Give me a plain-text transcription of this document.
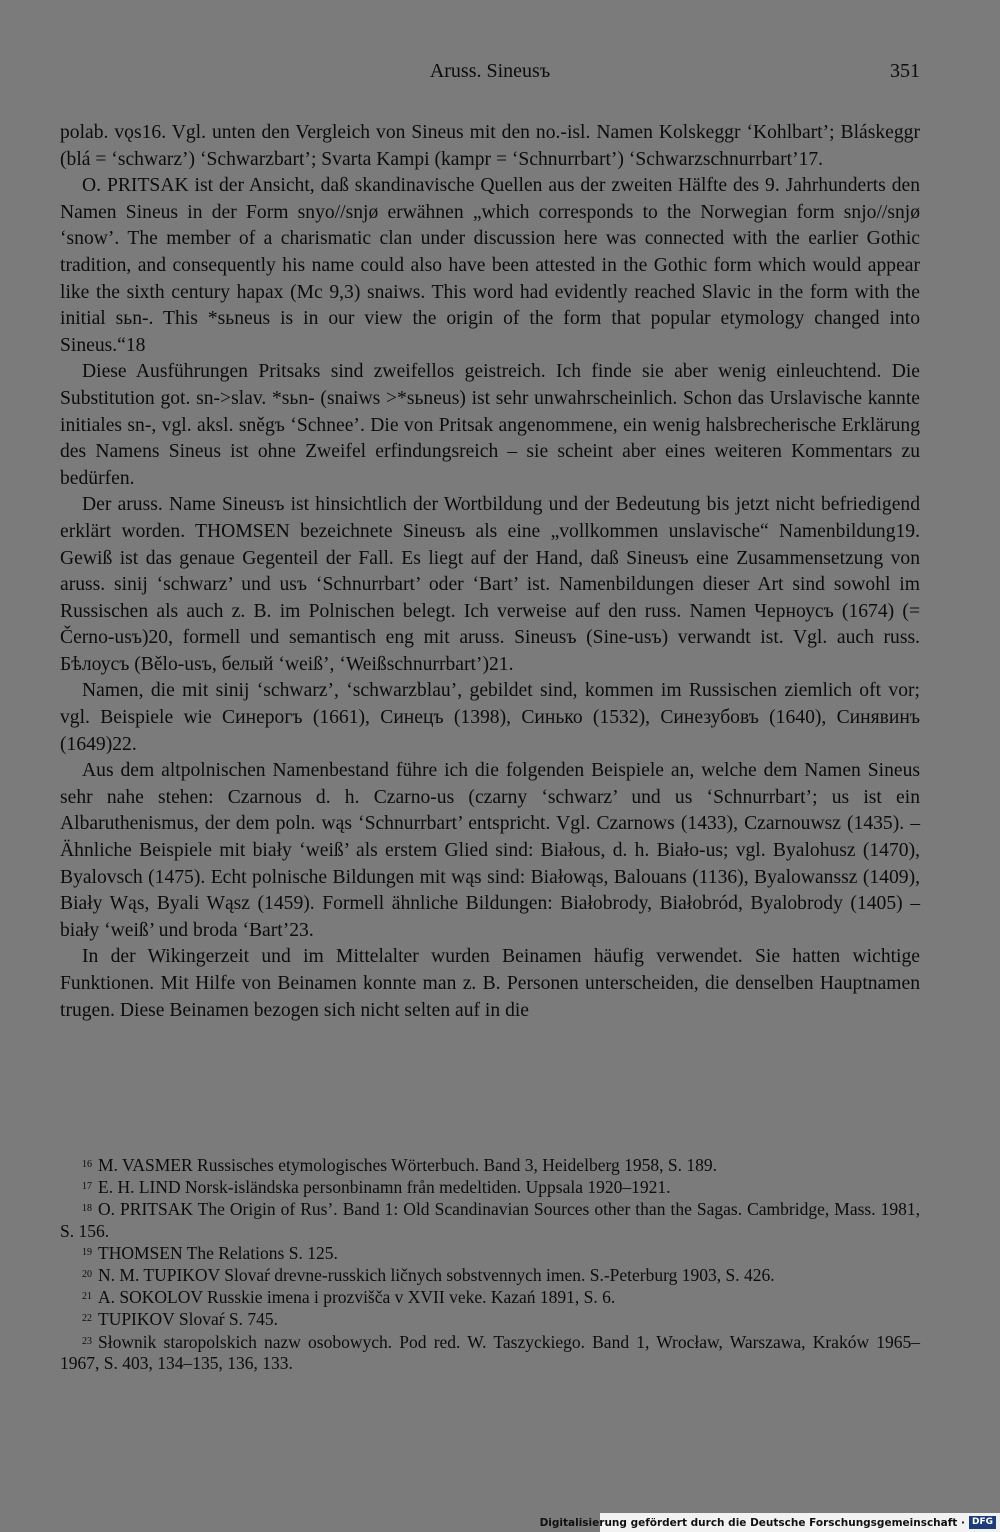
Aruss. Sineusъ	351

polab. vǫs16. Vgl. unten den Vergleich von Sineus mit den no.-isl. Namen Kolskeggr ‘Kohlbart’; Bláskeggr (blá = ‘schwarz’) ‘Schwarzbart’; Svarta Kampi (kampr = ‘Schnurrbart’) ‘Schwarzschnurrbart’17.

O. PRITSAK ist der Ansicht, daß skandinavische Quellen aus der zweiten Hälfte des 9. Jahrhunderts den Namen Sineus in der Form snyo//snjø erwähnen „which corresponds to the Norwegian form snjo//snjø ‘snow’. The member of a charismatic clan under discussion here was connected with the earlier Gothic tradition, and consequently his name could also have been attested in the Gothic form which would appear like the sixth century hapax (Mc 9,3) snaiws. This word had evidently reached Slavic in the form with the initial sьn-. This *sьneus is in our view the origin of the form that popular etymology changed into Sineus.“18

Diese Ausführungen Pritsaks sind zweifellos geistreich. Ich finde sie aber wenig einleuchtend. Die Substitution got. sn->slav. *sьn- (snaiws >*sьneus) ist sehr unwahrscheinlich. Schon das Urslavische kannte initiales sn-, vgl. aksl. sněgъ ‘Schnee’. Die von Pritsak angenommene, ein wenig halsbrecherische Erklärung des Namens Sineus ist ohne Zweifel erfindungsreich – sie scheint aber eines weiteren Kommentars zu bedürfen.

Der aruss. Name Sineusъ ist hinsichtlich der Wortbildung und der Bedeutung bis jetzt nicht befriedigend erklärt worden. THOMSEN bezeichnete Sineusъ als eine „vollkommen unslavische“ Namenbildung19. Gewiß ist das genaue Gegenteil der Fall. Es liegt auf der Hand, daß Sineusъ eine Zusammensetzung von aruss. sinij ‘schwarz’ und usъ ‘Schnurrbart’ oder ‘Bart’ ist. Namenbildungen dieser Art sind sowohl im Russischen als auch z. B. im Polnischen belegt. Ich verweise auf den russ. Namen Черноусъ (1674) (= Černo-usъ)20, formell und semantisch eng mit aruss. Sineusъ (Sine-usъ) verwandt ist. Vgl. auch russ. Бѣлоусъ (Bělo-usъ, белый ‘weiß’, ‘Weißschnurrbart’)21.

Namen, die mit sinij ‘schwarz’, ‘schwarzblau’, gebildet sind, kommen im Russischen ziemlich oft vor; vgl. Beispiele wie Синерогъ (1661), Синецъ (1398), Синько (1532), Синезубовъ (1640), Синявинъ (1649)22.

Aus dem altpolnischen Namenbestand führe ich die folgenden Beispiele an, welche dem Namen Sineus sehr nahe stehen: Czarnous d. h. Czarno-us (czarny ‘schwarz’ und us ‘Schnurrbart’; us ist ein Albaruthenismus, der dem poln. wąs ‘Schnurrbart’ entspricht. Vgl. Czarnows (1433), Czarnouwsz (1435). – Ähnliche Beispiele mit biały ‘weiß’ als erstem Glied sind: Białous, d. h. Biało-us; vgl. Byalohusz (1470), Byalovsch (1475). Echt polnische Bildungen mit wąs sind: Białowąs, Balouans (1136), Byalowanssz (1409), Biały Wąs, Byali Wąsz (1459). Formell ähnliche Bildungen: Białobrody, Białobród, Byalobrody (1405) – biały ‘weiß’ und broda ‘Bart’23.

In der Wikingerzeit und im Mittelalter wurden Beinamen häufig verwendet. Sie hatten wichtige Funktionen. Mit Hilfe von Beinamen konnte man z. B. Personen unterscheiden, die denselben Hauptnamen trugen. Diese Beinamen bezogen sich nicht selten auf in die

$^{16}$ M. VASMER Russisches etymologisches Wörterbuch. Band 3, Heidelberg 1958, S. 189.

$^{17}$ E. H. LIND Norsk-isländska personbinamn från medeltiden. Uppsala 1920–1921.

$^{18}$ O. PRITSAK The Origin of Rus’. Band 1: Old Scandinavian Sources other than the Sagas. Cambridge, Mass. 1981, S. 156.

$^{19}$ THOMSEN The Relations S. 125.

$^{20}$ N. M. TUPIKOV Slovaŕ drevne-russkich ličnych sobstvennych imen. S.-Peterburg 1903, S. 426.

$^{21}$ A. SOKOLOV Russkie imena i prozvišča v XVII veke. Kazań 1891, S. 6.

$^{22}$ TUPIKOV Slovaŕ S. 745.

$^{23}$ Słownik staropolskich nazw osobowych. Pod red. W. Taszyckiego. Band 1, Wrocław, Warszawa, Kraków 1965–1967, S. 403, 134–135, 136, 133.

Digitalisierung gefördert durch die Deutsche Forschungsgemeinschaft · DFG
